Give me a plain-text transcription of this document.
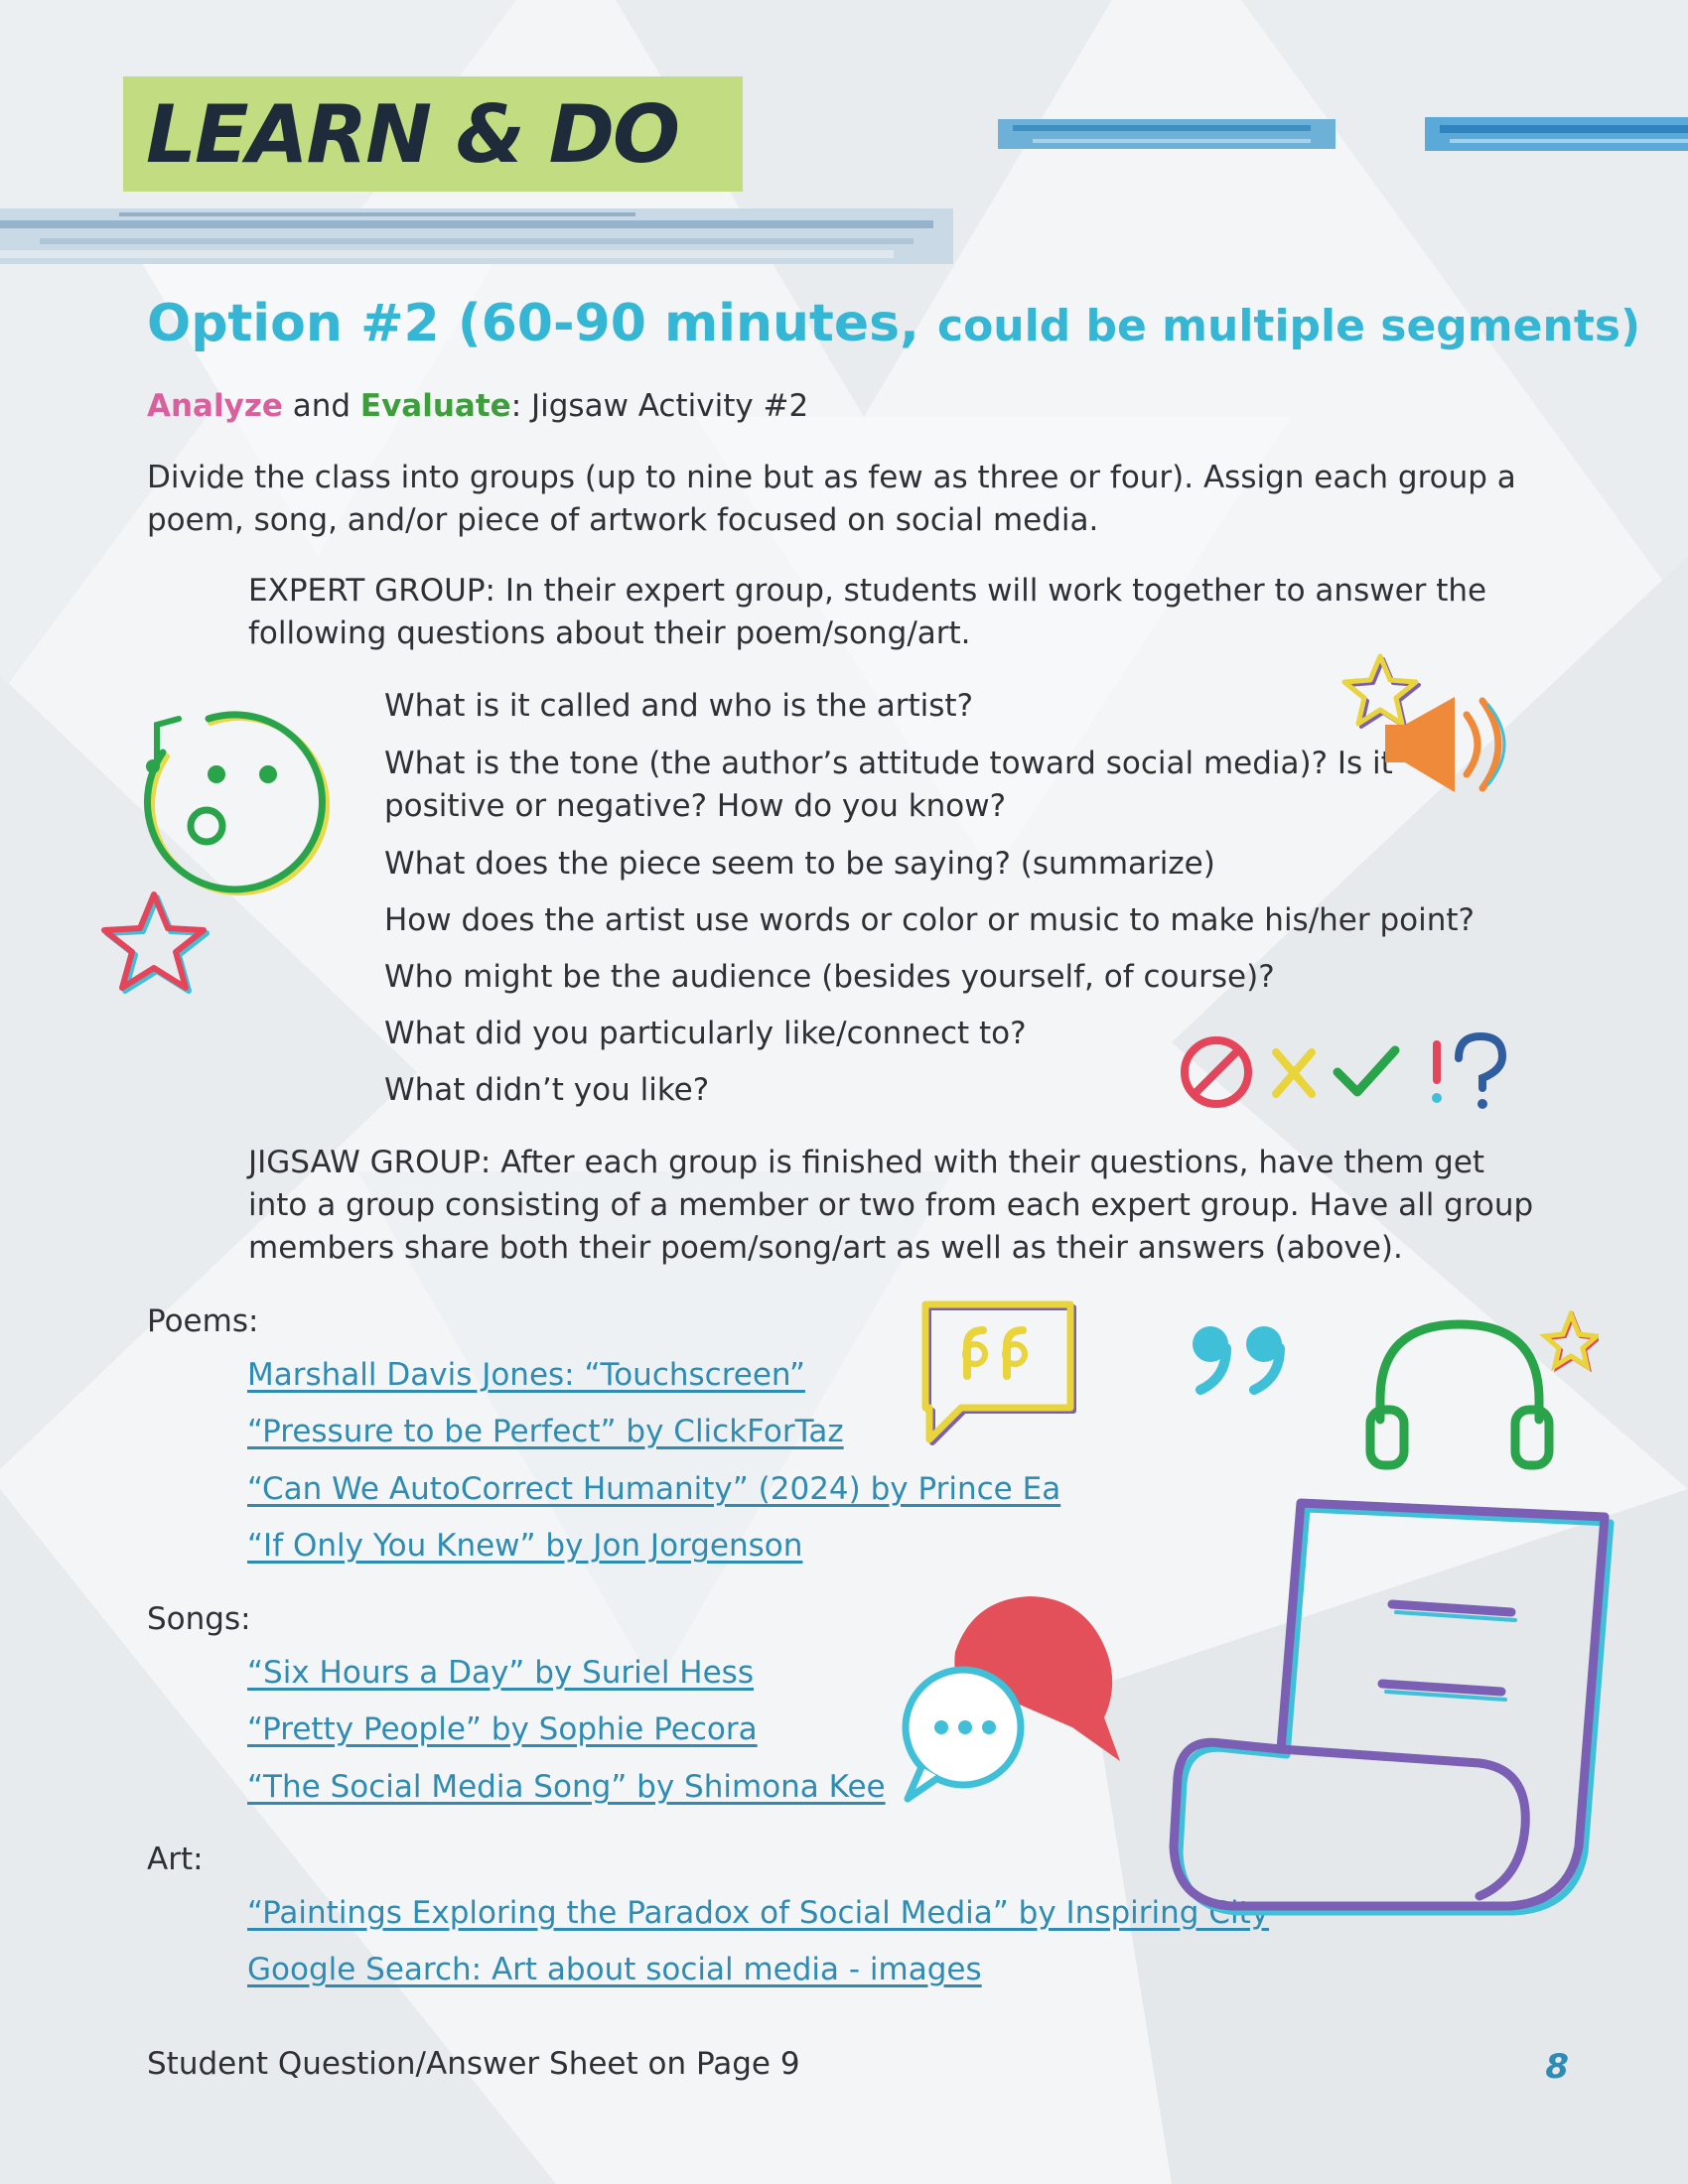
LEARN & DO
Option #2 (60-90 minutes, could be multiple segments)
Analyze and Evaluate: Jigsaw Activity #2
Divide the class into groups (up to nine but as few as three or four). Assign each group a poem, song, and/or piece of artwork focused on social media.
EXPERT GROUP: In their expert group, students will work together to answer the following questions about their poem/song/art.
What is it called and who is the artist?
What is the tone (the author’s attitude toward social media)? Is it
positive or negative? How do you know?
What does the piece seem to be saying? (summarize)
How does the artist use words or color or music to make his/her point?
Who might be the audience (besides yourself, of course)?
What did you particularly like/connect to?
What didn’t you like?
JIGSAW GROUP: After each group is finished with their questions, have them get into a group consisting of a member or two from each expert group. Have all group members share both their poem/song/art as well as their answers (above).
Poems:
Marshall Davis Jones: “Touchscreen”
“Pressure to be Perfect” by ClickForTaz
“Can We AutoCorrect Humanity” (2024) by Prince Ea
“If Only You Knew” by Jon Jorgenson
Songs:
“Six Hours a Day” by Suriel Hess
“Pretty People” by Sophie Pecora
“The Social Media Song” by Shimona Kee
Art:
“Paintings Exploring the Paradox of Social Media” by Inspiring City
Google Search: Art about social media - images
Student Question/Answer Sheet on Page 9	8
